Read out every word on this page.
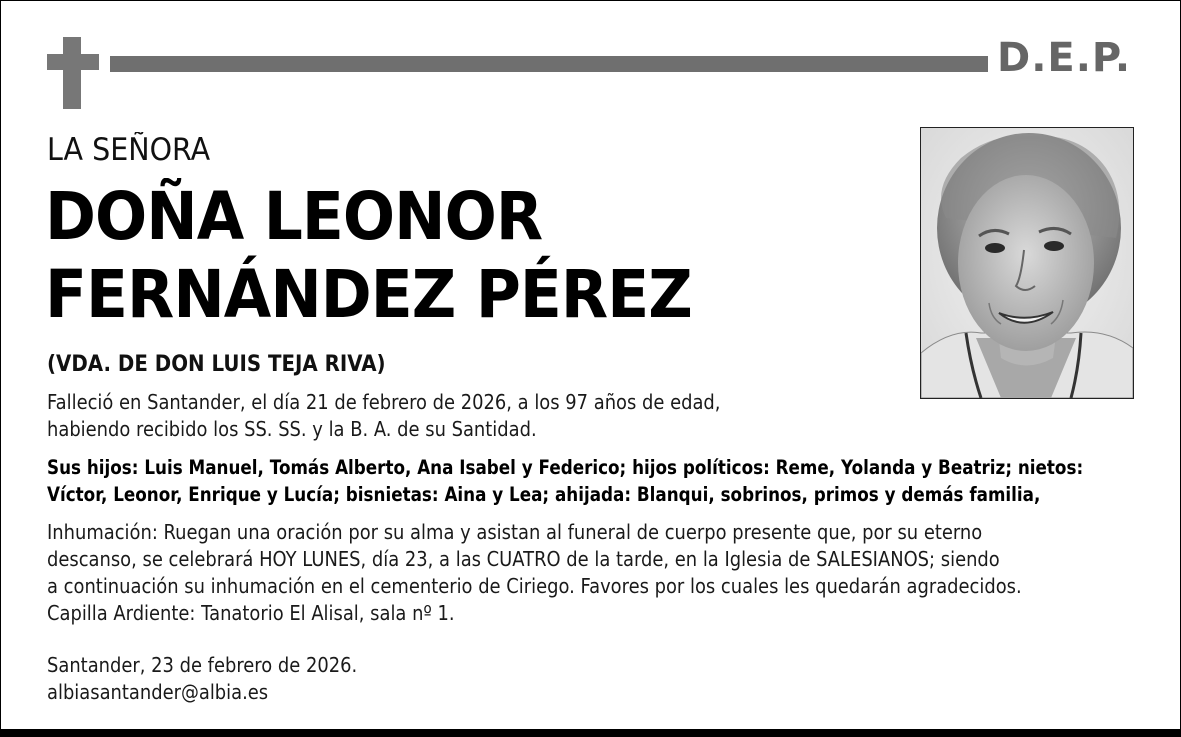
D.E.P.
LA SEÑORA
DOÑA LEONOR
FERNÁNDEZ PÉREZ
(VDA. DE DON LUIS TEJA RIVA)
Falleció en Santander, el día 21 de febrero de 2026, a los 97 años de edad,
habiendo recibido los SS. SS. y la B. A. de su Santidad.
Sus hijos: Luis Manuel, Tomás Alberto, Ana Isabel y Federico; hijos políticos: Reme, Yolanda y Beatriz; nietos:
Víctor, Leonor, Enrique y Lucía; bisnietas: Aina y Lea; ahijada: Blanqui, sobrinos, primos y demás familia,
Inhumación: Ruegan una oración por su alma y asistan al funeral de cuerpo presente que, por su eterno
descanso, se celebrará HOY LUNES, día 23, a las CUATRO de la tarde, en la Iglesia de SALESIANOS; siendo
a continuación su inhumación en el cementerio de Ciriego. Favores por los cuales les quedarán agradecidos.
Capilla Ardiente: Tanatorio El Alisal, sala nº 1.
Santander, 23 de febrero de 2026.
albiasantander@albia.es
